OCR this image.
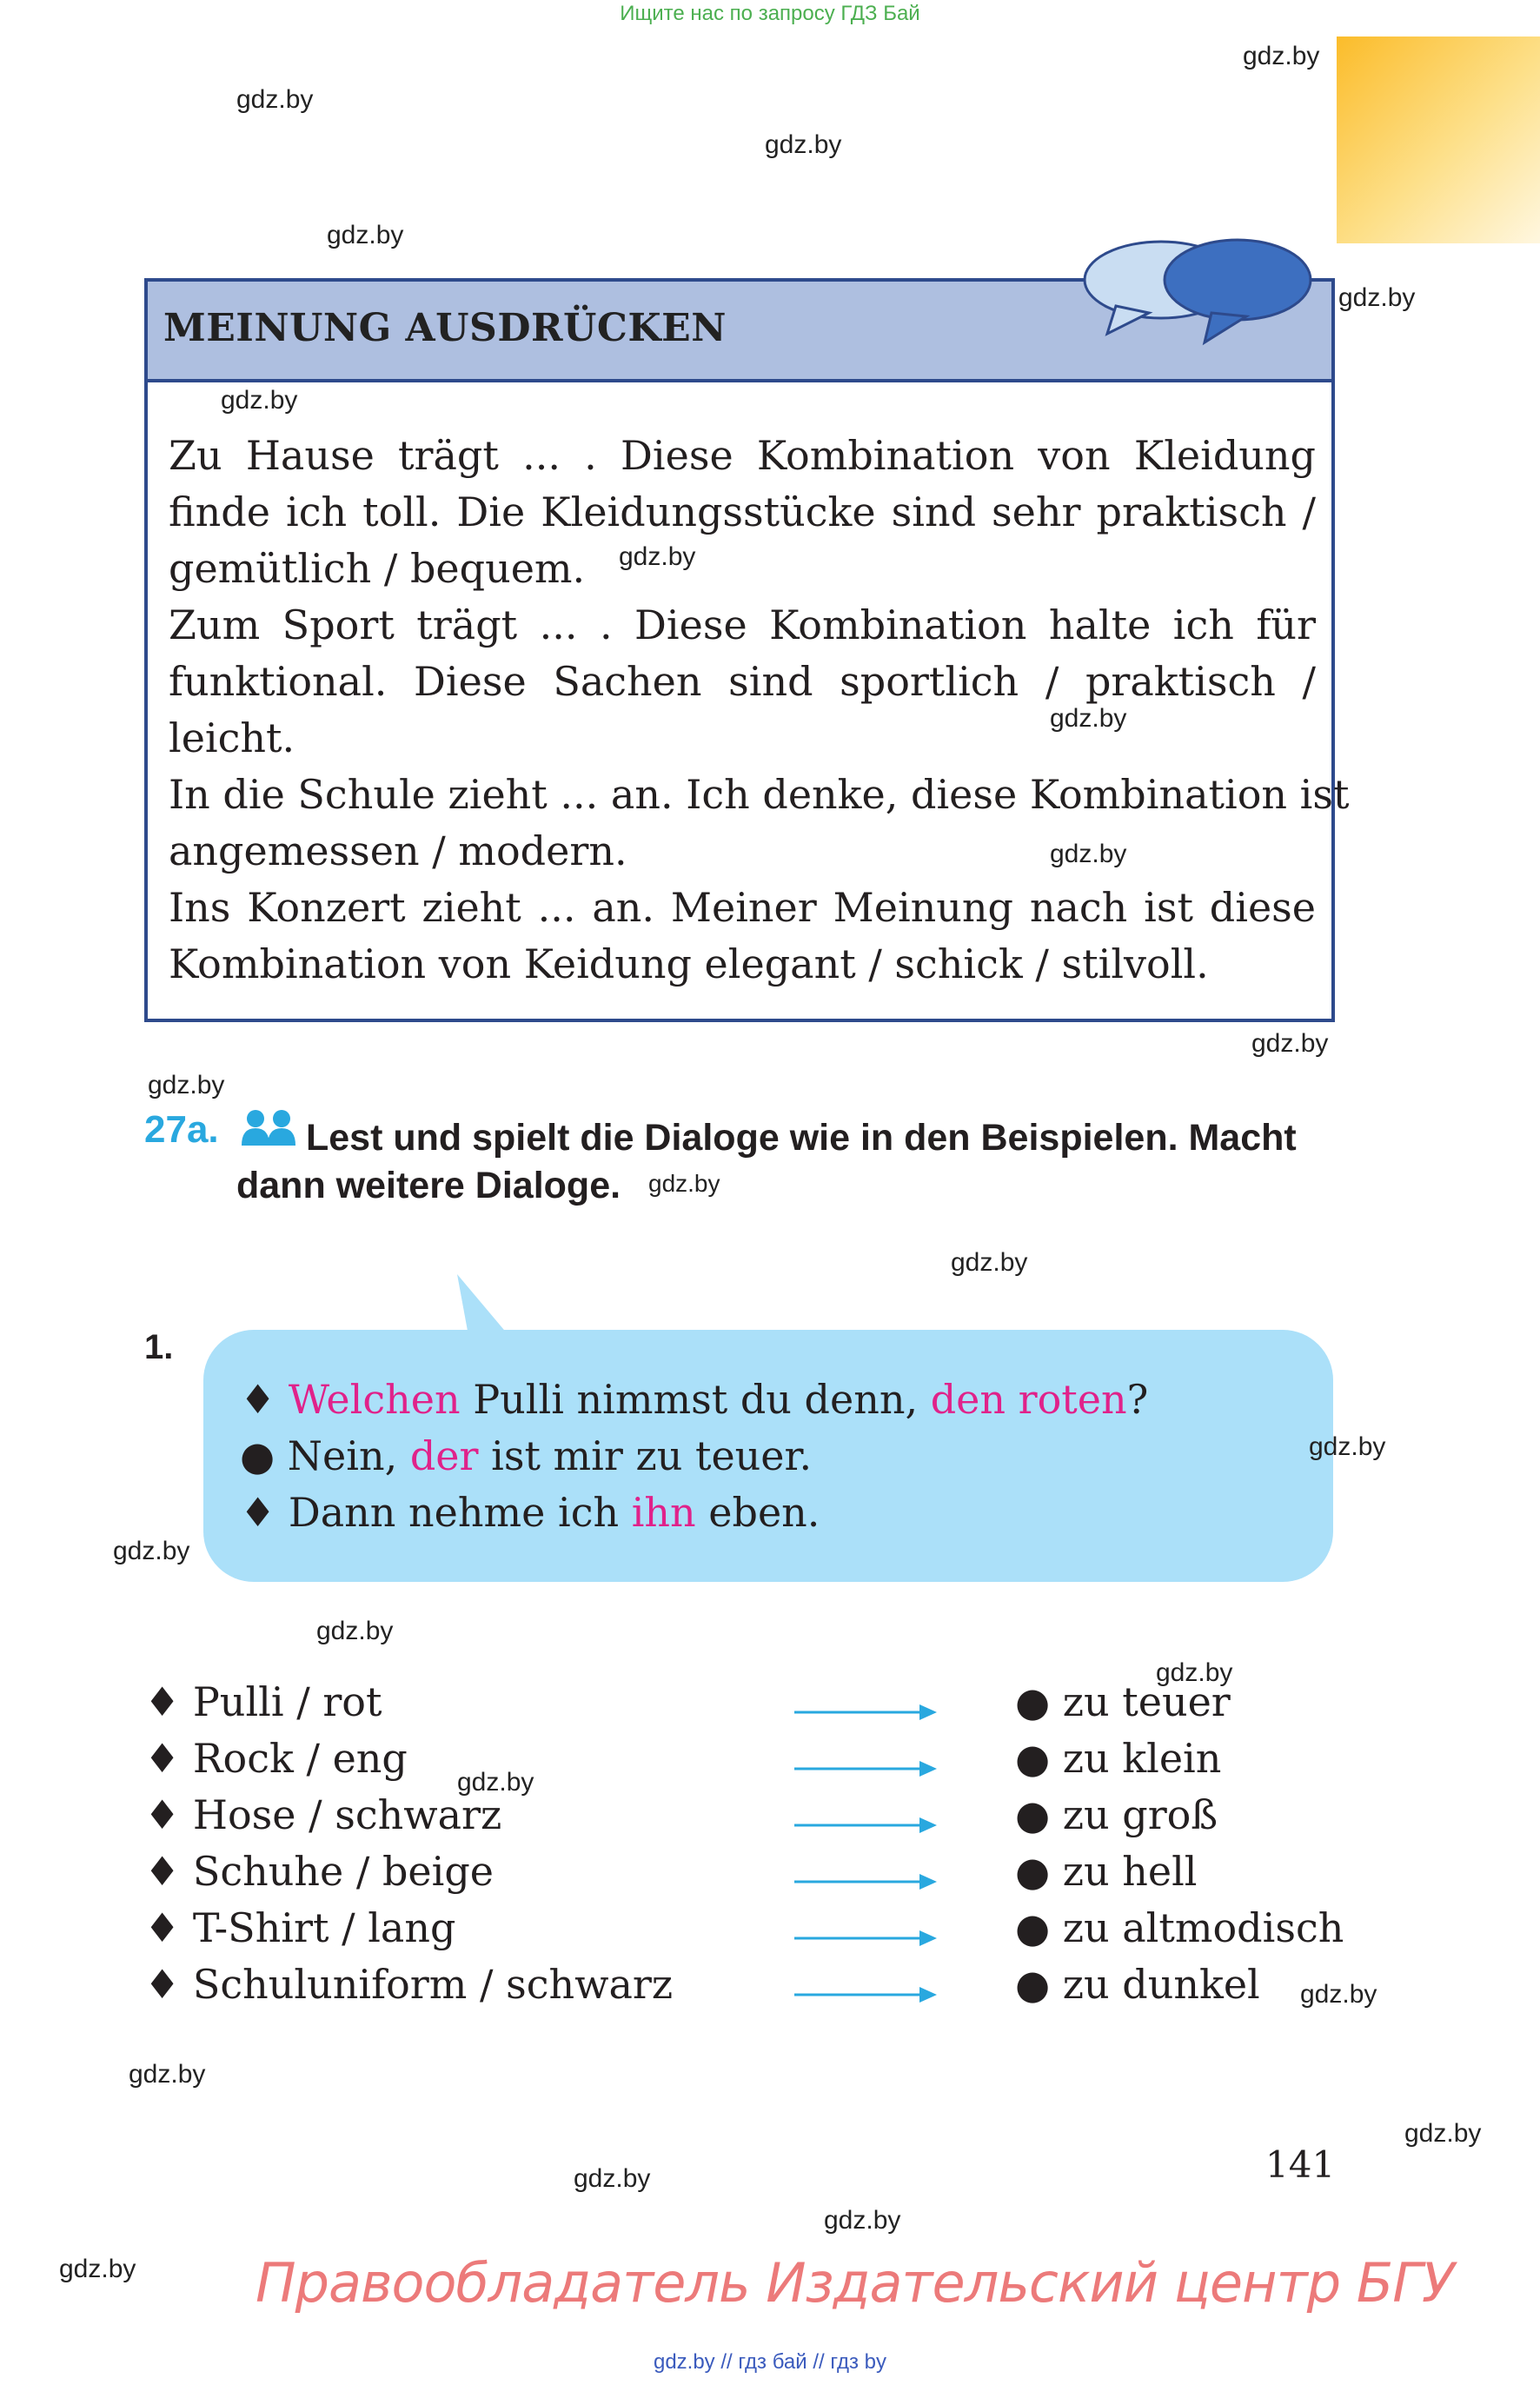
Ищите нас по запросу ГДЗ Бай
gdz.by
gdz.by
gdz.by
gdz.by
gdz.by
MEINUNG AUSDRÜCKEN
Zu Hause trägt ... . Diese Kombination von Kleidung
finde ich toll. Die Kleidungsstücke sind sehr praktisch /
gemütlich / bequem.
Zum Sport trägt ... . Diese Kombination halte ich für
funktional. Diese Sachen sind sportlich / praktisch /
leicht.
In die Schule zieht ... an. Ich denke, diese Kombination ist
angemessen / modern.
Ins Konzert zieht ... an. Meiner Meinung nach ist diese
Kombination von Keidung elegant / schick / stilvoll.
gdz.by
gdz.by
gdz.by
gdz.by
gdz.by
gdz.by
27a. Lest und spielt die Dialoge wie in den Beispielen. Macht
dann weitere Dialoge. gdz.by
gdz.by
1.
♦ Welchen Pulli nimmst du denn, den roten?
● Nein, der ist mir zu teuer.
♦ Dann nehme ich ihn eben.
gdz.by
gdz.by
gdz.by
gdz.by
♦ Pulli / rot
♦ Rock / eng
♦ Hose / schwarz
♦ Schuhe / beige
♦ T-Shirt / lang
♦ Schuluniform / schwarz
● zu teuer
● zu klein
● zu groß
● zu hell
● zu altmodisch
● zu dunkel
gdz.by
gdz.by
gdz.by
gdz.by
gdz.by
gdz.by
gdz.by
141
Правообладатель Издательский центр БГУ
gdz.by // гдз бай // гдз by
